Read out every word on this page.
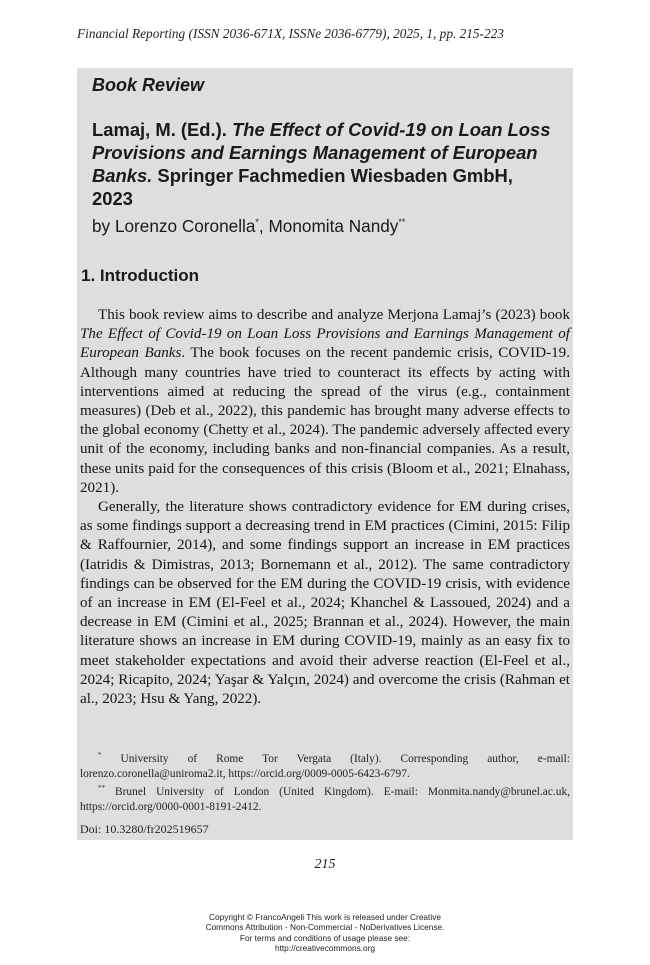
Financial Reporting (ISSN 2036-671X, ISSNe 2036-6779), 2025, 1, pp. 215-223
Book Review
Lamaj, M. (Ed.). The Effect of Covid-19 on Loan Loss Provisions and Earnings Management of European Banks. Springer Fachmedien Wiesbaden GmbH, 2023
by Lorenzo Coronella*, Monomita Nandy**
1. Introduction

This book review aims to describe and analyze Merjona Lamaj’s (2023) book The Effect of Covid-19 on Loan Loss Provisions and Earnings Management of European Banks. The book focuses on the recent pandemic crisis, COVID-19. Although many countries have tried to counteract its effects by acting with interventions aimed at reducing the spread of the virus (e.g., containment measures) (Deb et al., 2022), this pandemic has brought many adverse effects to the global economy (Chetty et al., 2024). The pandemic adversely affected every unit of the economy, including banks and non-financial companies. As a result, these units paid for the consequences of this crisis (Bloom et al., 2021; Elnahass, 2021).

Generally, the literature shows contradictory evidence for EM during crises, as some findings support a decreasing trend in EM practices (Cimini, 2015: Filip & Raffournier, 2014), and some findings support an increase in EM practices (Iatridis & Dimistras, 2013; Bornemann et al., 2012). The same contradictory findings can be observed for the EM during the COVID-19 crisis, with evidence of an increase in EM (El-Feel et al., 2024; Khanchel & Lassoued, 2024) and a decrease in EM (Cimini et al., 2025; Brannan et al., 2024). However, the main literature shows an increase in EM during COVID-19, mainly as an easy fix to meet stakeholder expectations and avoid their adverse reaction (El-Feel et al., 2024; Ricapito, 2024; Yaşar & Yalçın, 2024) and overcome the crisis (Rahman et al., 2023; Hsu & Yang, 2022).

* University of Rome Tor Vergata (Italy). Corresponding author, e-mail: lorenzo.coronella@uniroma2.it, https://orcid.org/0009-0005-6423-6797.

** Brunel University of London (United Kingdom). E-mail: Monmita.nandy@brunel.ac.uk, https://orcid.org/0000-0001-8191-2412.

Doi: 10.3280/fr202519657
215
Copyright © FrancoAngeli This work is released under Creative
Commons Attribution - Non-Commercial - NoDerivatives License.
For terms and conditions of usage please see:
http://creativecommons.org
